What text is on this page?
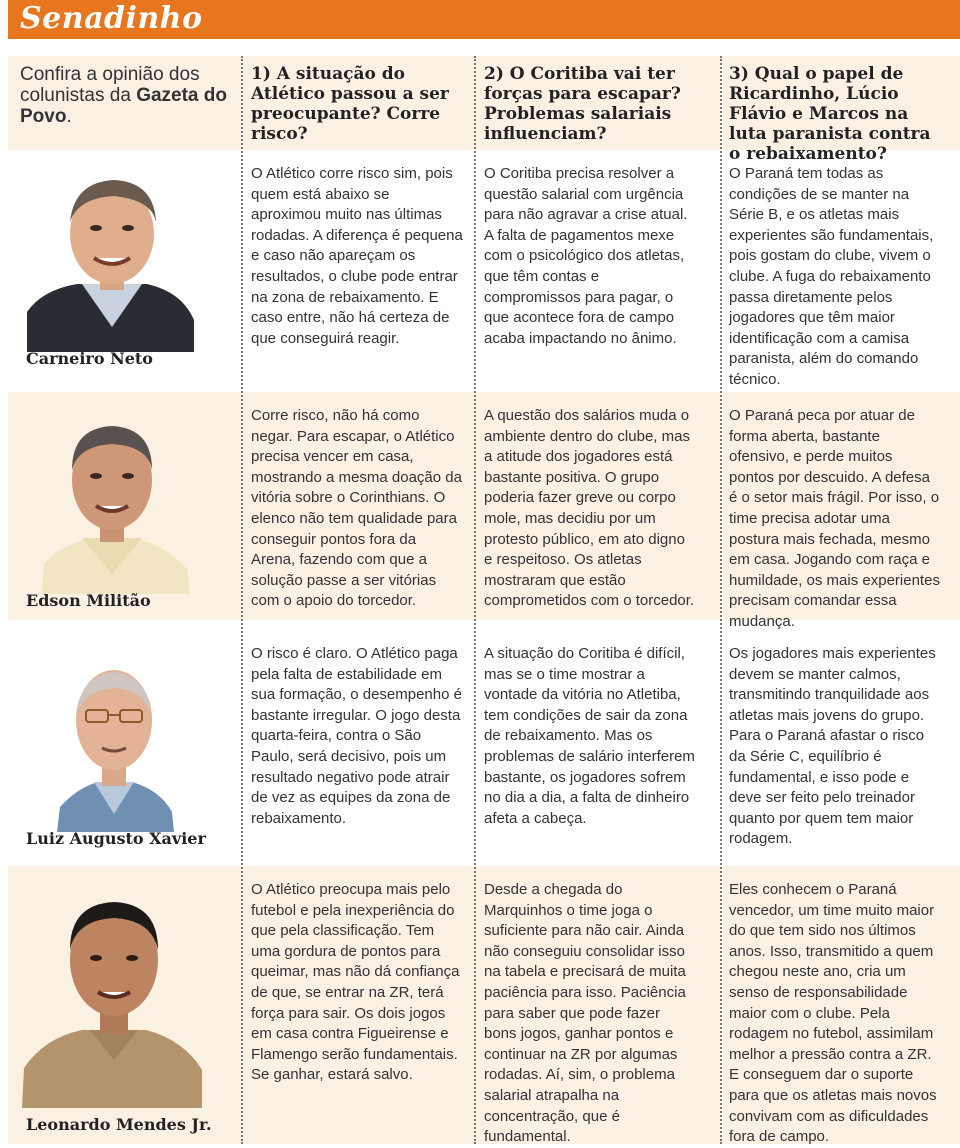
Senadinho
Confira a opinião dos colunistas da Gazeta do Povo.
1) A situação do Atlético passou a ser preocupante? Corre risco?
2) O Coritiba vai ter forças para escapar? Problemas salariais influenciam?
3) Qual o papel de Ricardinho, Lúcio Flávio e Marcos na luta paranista contra o rebaixamento?
Carneiro Neto
O Atlético corre risco sim, pois quem está abaixo se aproximou muito nas últimas rodadas. A diferença é pequena e caso não apareçam os resultados, o clube pode entrar na zona de rebaixamento. E caso entre, não há certeza de que conseguirá reagir.
O Coritiba precisa resolver a questão salarial com urgência para não agravar a crise atual. A falta de pagamentos mexe com o psicológico dos atletas, que têm contas e compromissos para pagar, o que acontece fora de campo acaba impactando no ânimo.
O Paraná tem todas as condições de se manter na Série B, e os atletas mais experientes são fundamentais, pois gostam do clube, vivem o clube. A fuga do rebaixamento passa diretamente pelos jogadores que têm maior identificação com a camisa paranista, além do comando técnico.
Edson Militão
Corre risco, não há como negar. Para escapar, o Atlético precisa vencer em casa, mostrando a mesma doação da vitória sobre o Corinthians. O elenco não tem qualidade para conseguir pontos fora da Arena, fazendo com que a solução passe a ser vitórias com o apoio do torcedor.
A questão dos salários muda o ambiente dentro do clube, mas a atitude dos jogadores está bastante positiva. O grupo poderia fazer greve ou corpo mole, mas decidiu por um protesto público, em ato digno e respeitoso. Os atletas mostraram que estão comprometidos com o torcedor.
O Paraná peca por atuar de forma aberta, bastante ofensivo, e perde muitos pontos por descuido. A defesa é o setor mais frágil. Por isso, o time precisa adotar uma postura mais fechada, mesmo em casa. Jogando com raça e humildade, os mais experientes precisam comandar essa mudança.
Luiz Augusto Xavier
O risco é claro. O Atlético paga pela falta de estabilidade em sua formação, o desempenho é bastante irregular. O jogo desta quarta-feira, contra o São Paulo, será decisivo, pois um resultado negativo pode atrair de vez as equipes da zona de rebaixamento.
A situação do Coritiba é difícil, mas se o time mostrar a vontade da vitória no Atletiba, tem condições de sair da zona de rebaixamento. Mas os problemas de salário interferem bastante, os jogadores sofrem no dia a dia, a falta de dinheiro afeta a cabeça.
Os jogadores mais experientes devem se manter calmos, transmitindo tranquilidade aos atletas mais jovens do grupo. Para o Paraná afastar o risco da Série C, equilíbrio é fundamental, e isso pode e deve ser feito pelo treinador quanto por quem tem maior rodagem.
Leonardo Mendes Jr.
O Atlético preocupa mais pelo futebol e pela inexperiência do que pela classificação. Tem uma gordura de pontos para queimar, mas não dá confiança de que, se entrar na ZR, terá força para sair. Os dois jogos em casa contra Figueirense e Flamengo serão fundamentais. Se ganhar, estará salvo.
Desde a chegada do Marquinhos o time joga o suficiente para não cair. Ainda não conseguiu consolidar isso na tabela e precisará de muita paciência para isso. Paciência para saber que pode fazer bons jogos, ganhar pontos e continuar na ZR por algumas rodadas. Aí, sim, o problema salarial atrapalha na concentração, que é fundamental.
Eles conhecem o Paraná vencedor, um time muito maior do que tem sido nos últimos anos. Isso, transmitido a quem chegou neste ano, cria um senso de responsabilidade maior com o clube. Pela rodagem no futebol, assimilam melhor a pressão contra a ZR. E conseguem dar o suporte para que os atletas mais novos convivam com as dificuldades fora de campo.
